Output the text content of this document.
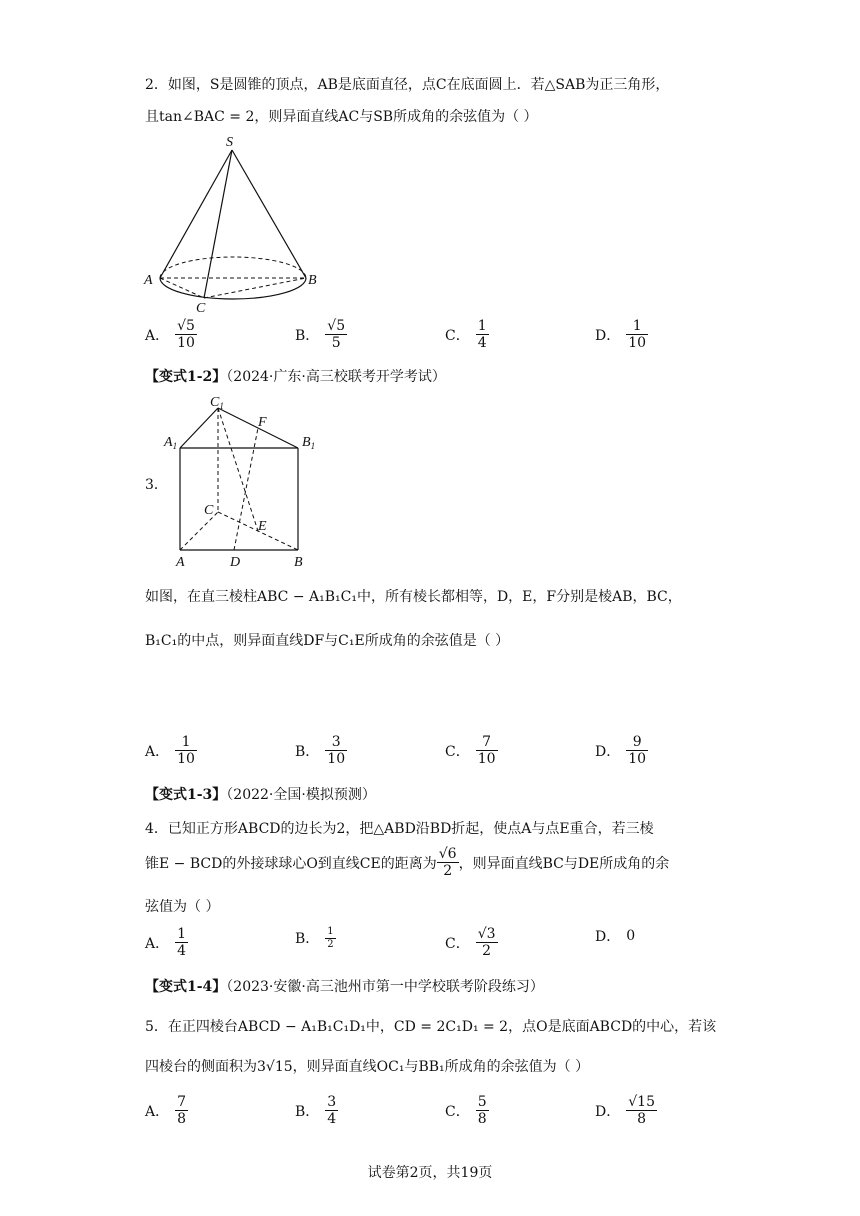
2．如图，S是圆锥的顶点，AB是底面直径，点C在底面圆上．若△SAB为正三角形，
且tan∠BAC = 2，则异面直线AC与SB所成角的余弦值为（ ）
S
A	B
C
A． $\frac{√5}{10}$	B． $\frac{√5}{5}$	C． $\frac{1}{4}$	D． $\frac{1}{10}$
【变式1-2】（2024·广东·高三校联考开学考试）
3．
$C_1$
$A_1$	$B_1$
F
C
E
A	D	B
如图，在直三棱柱ABC − A₁B₁C₁中，所有棱长都相等，D，E，F分别是棱AB，BC，
B₁C₁的中点，则异面直线DF与C₁E所成角的余弦值是（ ）
A． $\frac{1}{10}$	B． $\frac{3}{10}$	C． $\frac{7}{10}$	D． $\frac{9}{10}$
【变式1-3】（2022·全国·模拟预测）
4．已知正方形ABCD的边长为2，把△ABD沿BD折起，使点A与点E重合，若三棱
锥E − BCD的外接球球心O到直线CE的距离为 $\frac{√6}{2}$ ，则异面直线BC与DE所成角的余
弦值为（ ）
A． $\frac{1}{4}$	B． $\frac{1}{2}$	C． $\frac{√3}{2}$	D． 0
【变式1-4】（2023·安徽·高三池州市第一中学校联考阶段练习）
5．在正四棱台ABCD − A₁B₁C₁D₁中，CD = 2C₁D₁ = 2，点O是底面ABCD的中心，若该
四棱台的侧面积为3√15，则异面直线OC₁与BB₁所成角的余弦值为（ ）
A． $\frac{7}{8}$	B． $\frac{3}{4}$	C． $\frac{5}{8}$	D． $\frac{√15}{8}$
试卷第2页，共19页
